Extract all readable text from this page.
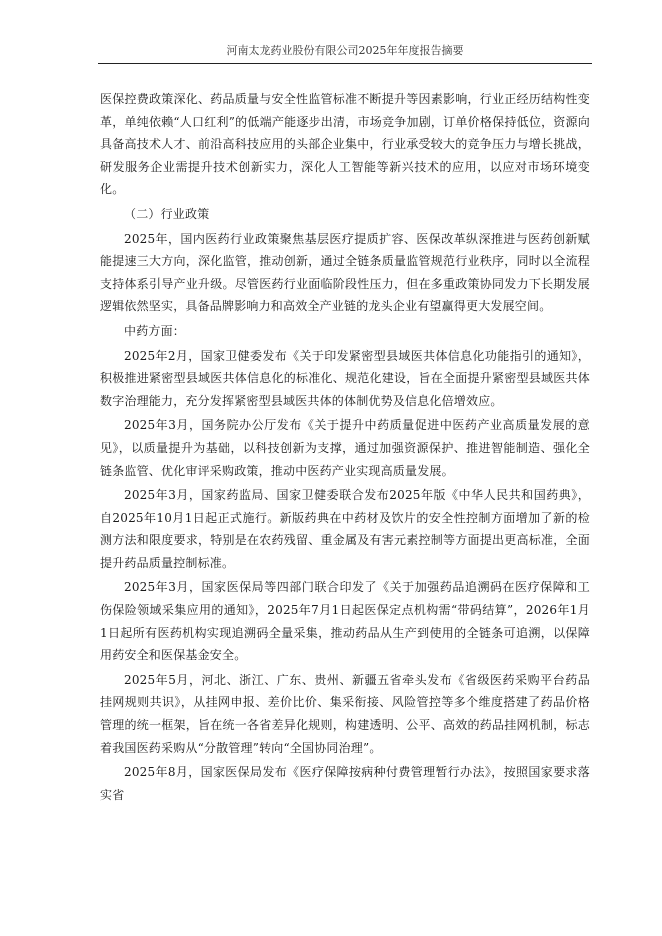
河南太龙药业股份有限公司2025年年度报告摘要

医保控费政策深化、药品质量与安全性监管标准不断提升等因素影响，行业正经历结构性变革，单纯依赖“人口红利”的低端产能逐步出清，市场竞争加剧，订单价格保持低位，资源向具备高技术人才、前沿高科技应用的头部企业集中，行业承受较大的竞争压力与增长挑战，研发服务企业需提升技术创新实力，深化人工智能等新兴技术的应用，以应对市场环境变化。

（二）行业政策

2025年，国内医药行业政策聚焦基层医疗提质扩容、医保改革纵深推进与医药创新赋能提速三大方向，深化监管，推动创新，通过全链条质量监管规范行业秩序，同时以全流程支持体系引导产业升级。尽管医药行业面临阶段性压力，但在多重政策协同发力下长期发展逻辑依然坚实，具备品牌影响力和高效全产业链的龙头企业有望赢得更大发展空间。

中药方面：

2025年2月，国家卫健委发布《关于印发紧密型县域医共体信息化功能指引的通知》，积极推进紧密型县域医共体信息化的标准化、规范化建设，旨在全面提升紧密型县域医共体数字治理能力，充分发挥紧密型县域医共体的体制优势及信息化倍增效应。

2025年3月，国务院办公厅发布《关于提升中药质量促进中医药产业高质量发展的意见》，以质量提升为基础，以科技创新为支撑，通过加强资源保护、推进智能制造、强化全链条监管、优化审评采购政策，推动中医药产业实现高质量发展。

2025年3月，国家药监局、国家卫健委联合发布2025年版《中华人民共和国药典》，自2025年10月1日起正式施行。新版药典在中药材及饮片的安全性控制方面增加了新的检测方法和限度要求，特别是在农药残留、重金属及有害元素控制等方面提出更高标准，全面提升药品质量控制标准。

2025年3月，国家医保局等四部门联合印发了《关于加强药品追溯码在医疗保障和工伤保险领域采集应用的通知》，2025年7月1日起医保定点机构需“带码结算”，2026年1月1日起所有医药机构实现追溯码全量采集，推动药品从生产到使用的全链条可追溯，以保障用药安全和医保基金安全。

2025年5月，河北、浙江、广东、贵州、新疆五省牵头发布《省级医药采购平台药品挂网规则共识》，从挂网申报、差价比价、集采衔接、风险管控等多个维度搭建了药品价格管理的统一框架，旨在统一各省差异化规则，构建透明、公平、高效的药品挂网机制，标志着我国医药采购从“分散管理”转向“全国协同治理”。

2025年8月，国家医保局发布《医疗保障按病种付费管理暂行办法》，按照国家要求落实省
